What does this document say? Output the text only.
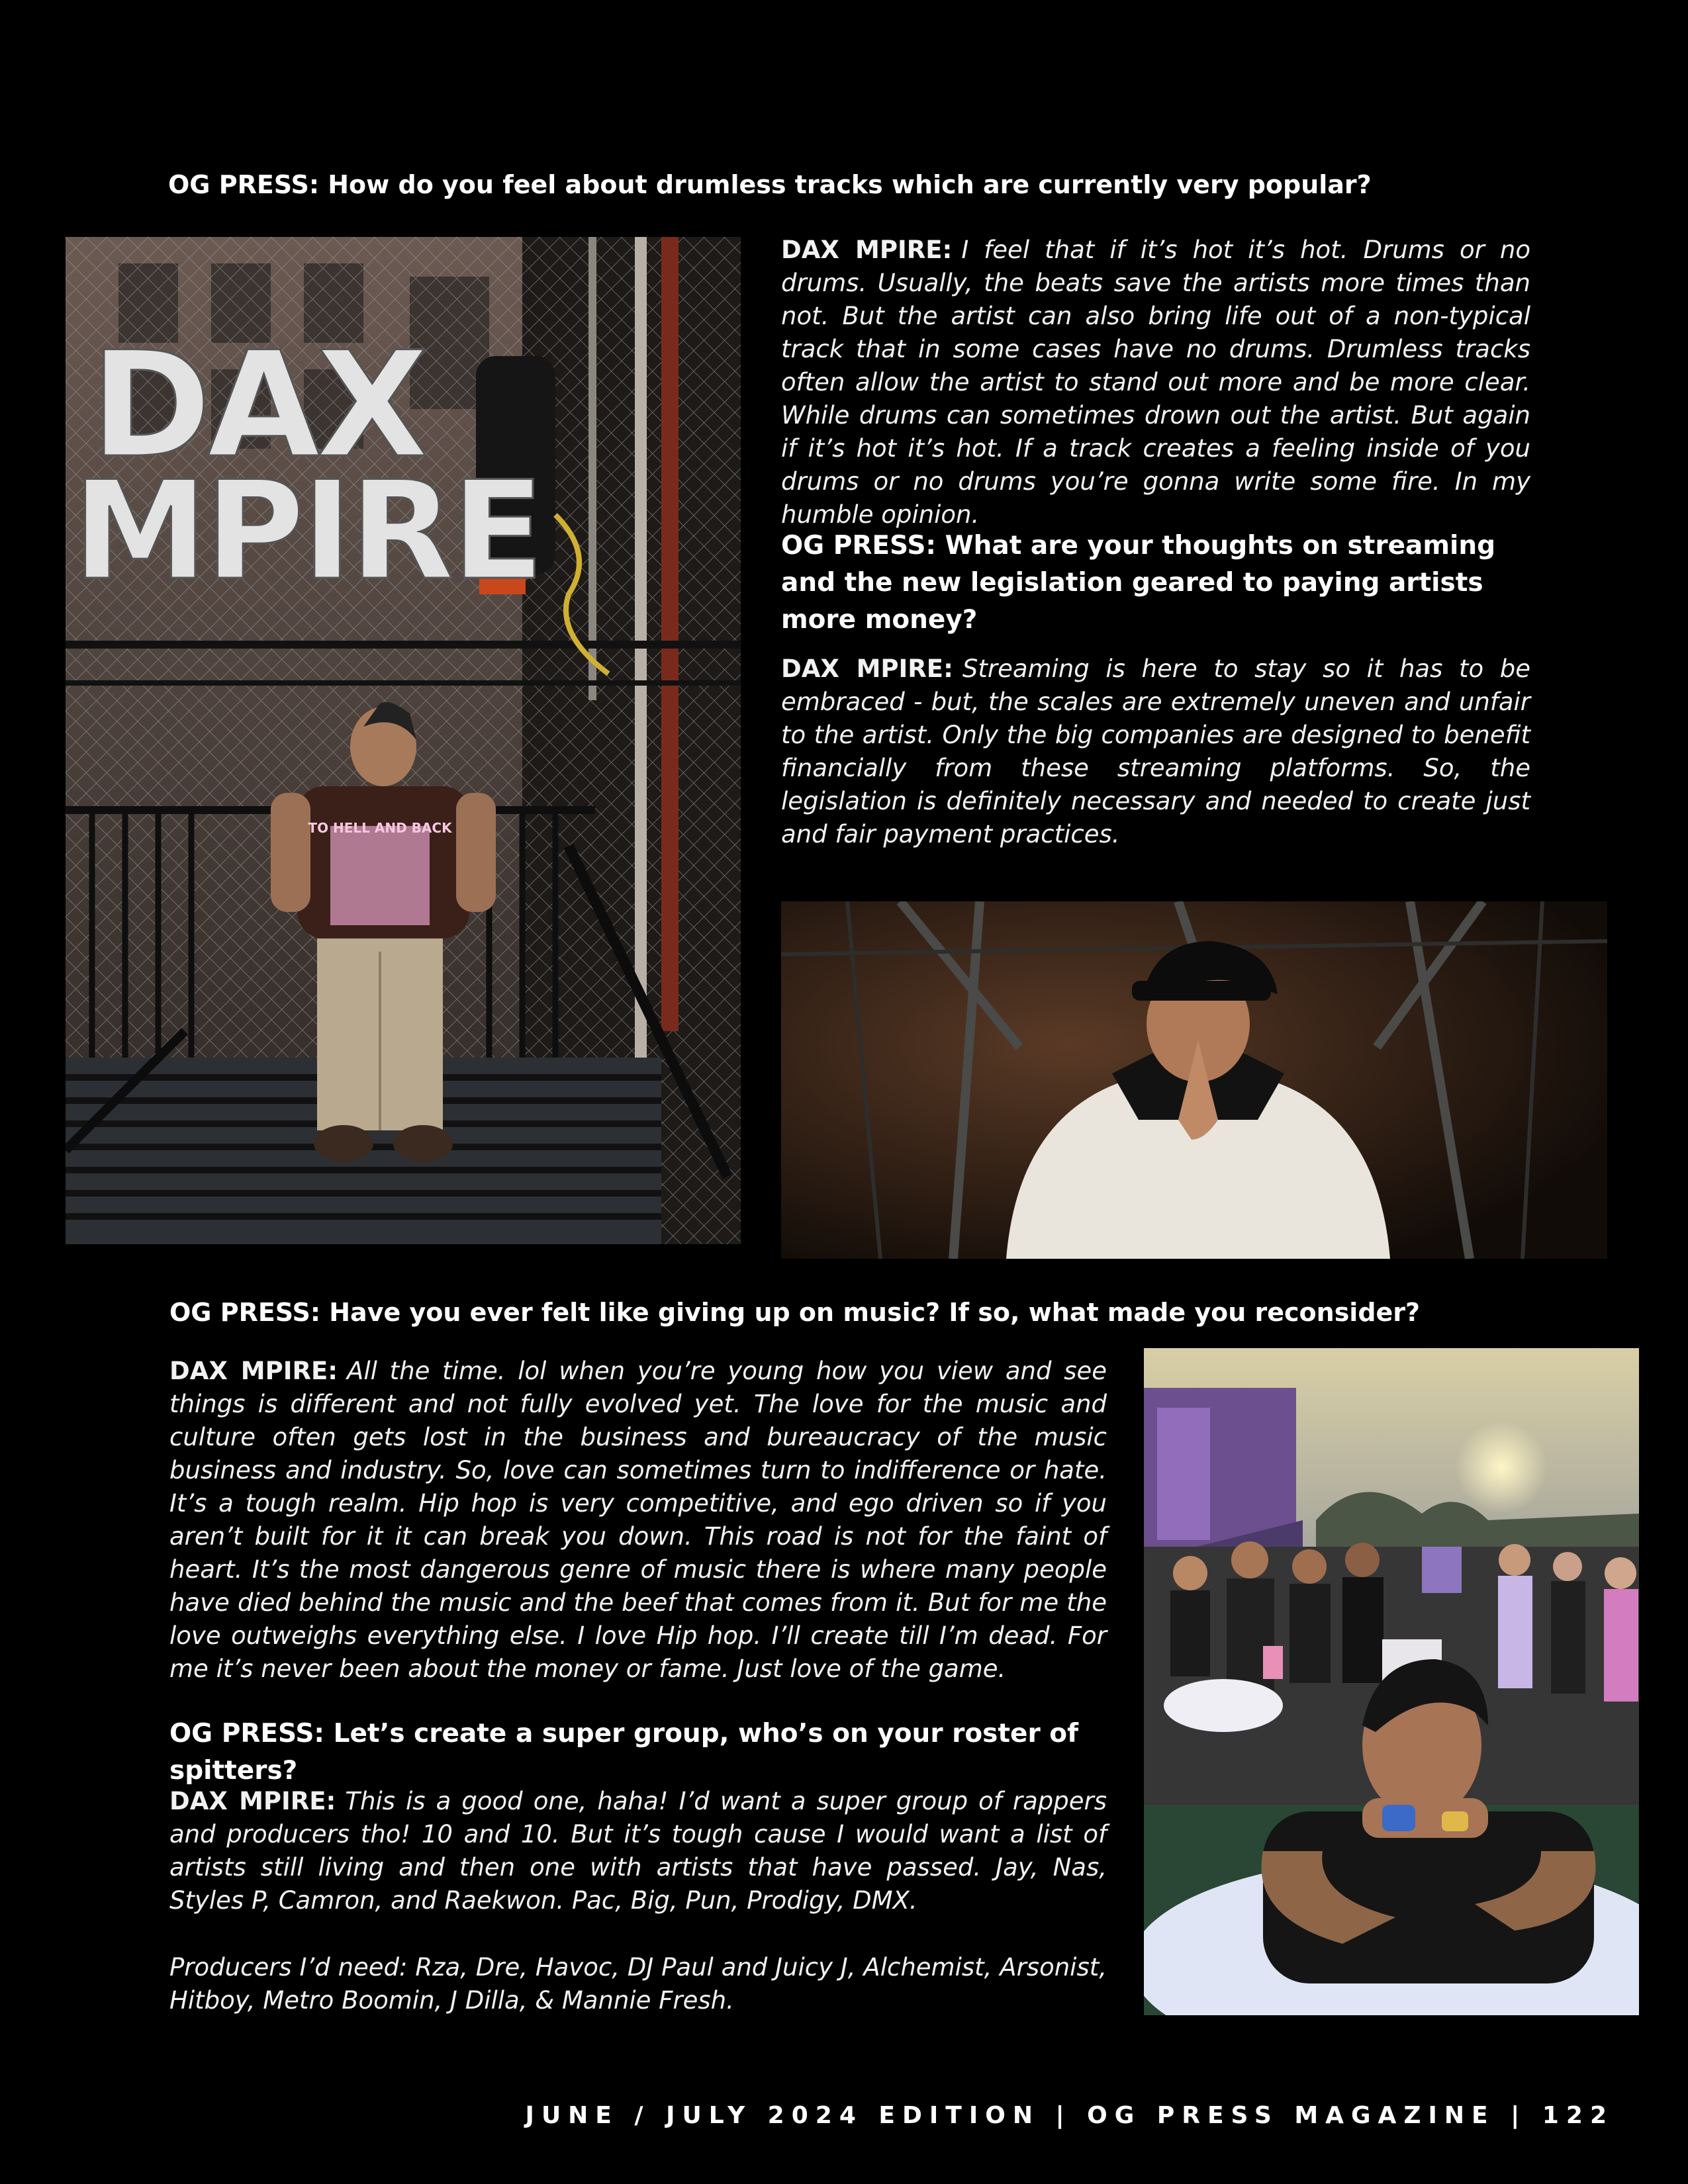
OG PRESS: How do you feel about drumless tracks which are currently very popular?

TO HELL AND BACK
DAX
MPIRE

DAX MPIRE: I feel that if it’s hot it’s hot. Drums or no drums. Usually, the beats save the artists more times than not. But the artist can also bring life out of a non-typical track that in some cases have no drums. Drumless tracks often allow the artist to stand out more and be more clear. While drums can sometimes drown out the artist. But again if it’s hot it’s hot. If a track creates a feeling inside of you drums or no drums you’re gonna write some fire. In my humble opinion.

OG PRESS: What are your thoughts on streaming and the new legislation geared to paying artists more money?

DAX MPIRE: Streaming is here to stay so it has to be embraced - but, the scales are extremely uneven and unfair to the artist. Only the big companies are designed to benefit financially from these streaming platforms. So, the legislation is definitely necessary and needed to create just and fair payment practices.

OG PRESS: Have you ever felt like giving up on music? If so, what made you reconsider?

DAX MPIRE: All the time. lol when you’re young how you view and see things is different and not fully evolved yet. The love for the music and culture often gets lost in the business and bureaucracy of the music business and industry. So, love can sometimes turn to indifference or hate. It’s a tough realm. Hip hop is very competitive, and ego driven so if you aren’t built for it it can break you down. This road is not for the faint of heart. It’s the most dangerous genre of music there is where many people have died behind the music and the beef that comes from it. But for me the love outweighs everything else. I love Hip hop. I’ll create till I’m dead. For me it’s never been about the money or fame. Just love of the game.

OG PRESS: Let’s create a super group, who’s on your roster of spitters?

DAX MPIRE: This is a good one, haha! I’d want a super group of rappers and producers tho! 10 and 10. But it’s tough cause I would want a list of artists still living and then one with artists that have passed. Jay, Nas, Styles P, Camron, and Raekwon. Pac, Big, Pun, Prodigy, DMX.

Producers I’d need: Rza, Dre, Havoc, DJ Paul and Juicy J, Alchemist, Arsonist, Hitboy, Metro Boomin, J Dilla, & Mannie Fresh.

JUNE / JULY 2024 EDITION | OG PRESS MAGAZINE | 122
